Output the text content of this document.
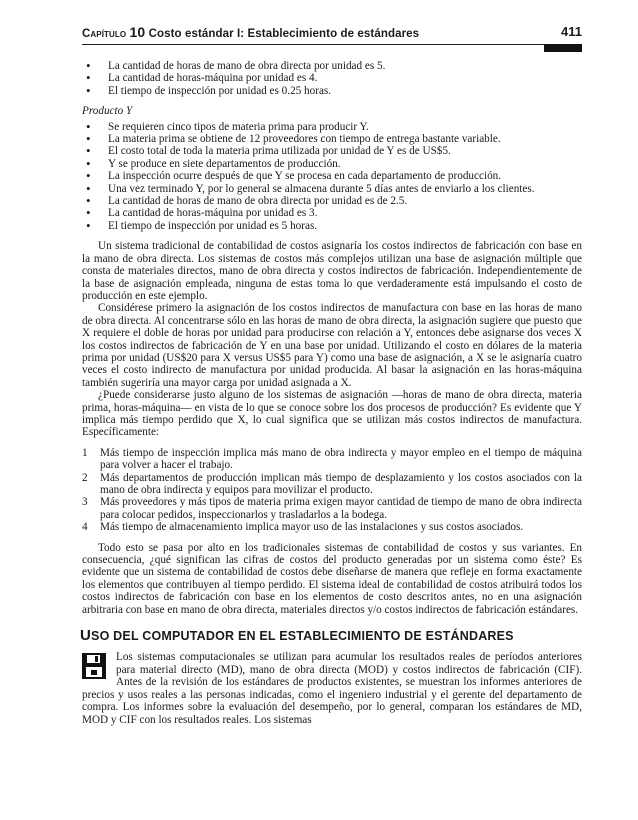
Capítulo 10 Costo estándar I: Establecimiento de estándares	411
• La cantidad de horas de mano de obra directa por unidad es 5.
• La cantidad de horas-máquina por unidad es 4.
• El tiempo de inspección por unidad es 0.25 horas.
Producto Y
• Se requieren cinco tipos de materia prima para producir Y.
• La materia prima se obtiene de 12 proveedores con tiempo de entrega bastante variable.
• El costo total de toda la materia prima utilizada por unidad de Y es de US$5.
• Y se produce en siete departamentos de producción.
• La inspección ocurre después de que Y se procesa en cada departamento de producción.
• Una vez terminado Y, por lo general se almacena durante 5 días antes de enviarlo a los clientes.
• La cantidad de horas de mano de obra directa por unidad es de 2.5.
• La cantidad de horas-máquina por unidad es 3.
• El tiempo de inspección por unidad es 5 horas.

Un sistema tradicional de contabilidad de costos asignaría los costos indirectos de fabricación con base en la mano de obra directa. Los sistemas de costos más complejos utilizan una base de asignación múltiple que consta de materiales directos, mano de obra directa y costos indirectos de fabricación. Independientemente de la base de asignación empleada, ninguna de estas toma lo que verdaderamente está impulsando el costo de producción en este ejemplo.

Considérese primero la asignación de los costos indirectos de manufactura con base en las horas de mano de obra directa. Al concentrarse sólo en las horas de mano de obra directa, la asignación sugiere que puesto que X requiere el doble de horas por unidad para producirse con relación a Y, entonces debe asignarse dos veces X los costos indirectos de fabricación de Y en una base por unidad. Utilizando el costo en dólares de la materia prima por unidad (US$20 para X versus US$5 para Y) como una base de asignación, a X se le asignaría cuatro veces el costo indirecto de manufactura por unidad producida. Al basar la asignación en las horas-máquina también sugeriría una mayor carga por unidad asignada a X.

¿Puede considerarse justo alguno de los sistemas de asignación —horas de mano de obra directa, materia prima, horas-máquina— en vista de lo que se conoce sobre los dos procesos de producción? Es evidente que Y implica más tiempo perdido que X, lo cual significa que se utilizan más costos indirectos de manufactura. Específicamente:

1 Más tiempo de inspección implica más mano de obra indirecta y mayor empleo en el tiempo de máquina para volver a hacer el trabajo.
2 Más departamentos de producción implican más tiempo de desplazamiento y los costos asociados con la mano de obra indirecta y equipos para movilizar el producto.
3 Más proveedores y más tipos de materia prima exigen mayor cantidad de tiempo de mano de obra indirecta para colocar pedidos, inspeccionarlos y trasladarlos a la bodega.
4 Más tiempo de almacenamiento implica mayor uso de las instalaciones y sus costos asociados.

Todo esto se pasa por alto en los tradicionales sistemas de contabilidad de costos y sus variantes. En consecuencia, ¿qué significan las cifras de costos del producto generadas por un sistema como éste? Es evidente que un sistema de contabilidad de costos debe diseñarse de manera que refleje en forma exactamente los elementos que contribuyen al tiempo perdido. El sistema ideal de contabilidad de costos atribuirá todos los costos indirectos de fabricación con base en los elementos de costo descritos antes, no en una asignación arbitraria con base en mano de obra directa, materiales directos y/o costos indirectos de fabricación estándares.

USO DEL COMPUTADOR EN EL ESTABLECIMIENTO DE ESTÁNDARES

Los sistemas computacionales se utilizan para acumular los resultados reales de períodos anteriores para material directo (MD), mano de obra directa (MOD) y costos indirectos de fabricación (CIF). Antes de la revisión de los estándares de productos existentes, se muestran los informes anteriores de precios y usos reales a las personas indicadas, como el ingeniero industrial y el gerente del departamento de compra. Los informes sobre la evaluación del desempeño, por lo general, comparan los estándares de MD, MOD y CIF con los resultados reales. Los sistemas
